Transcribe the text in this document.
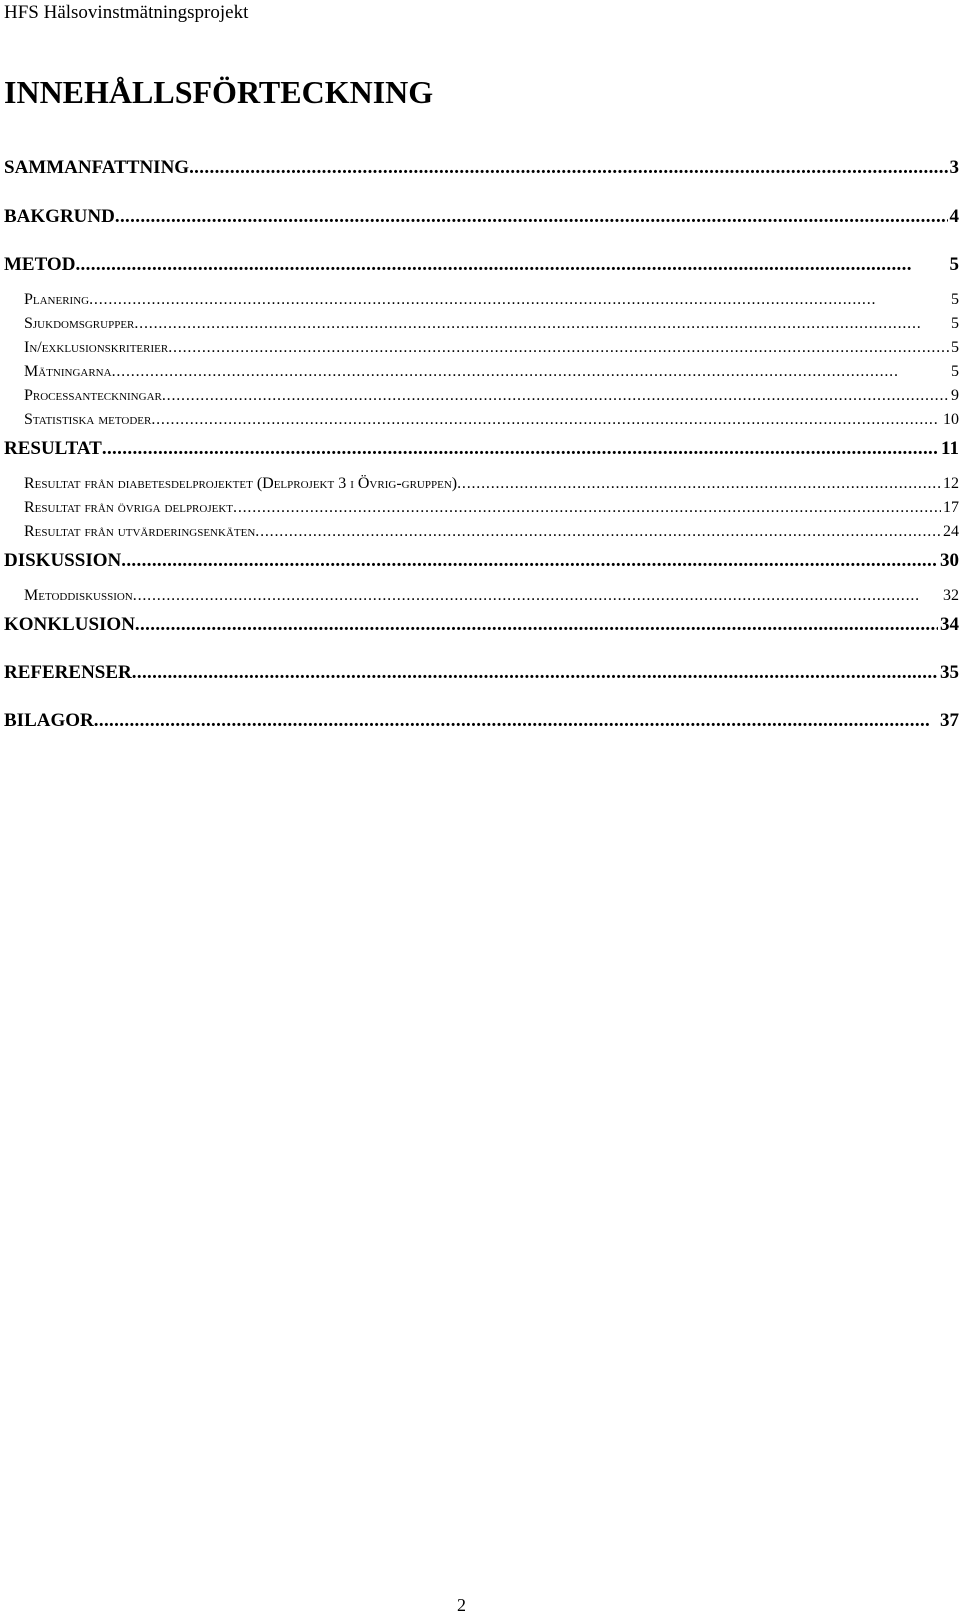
HFS Hälsovinstmätningsprojekt
INNEHÅLLSFÖRTECKNING
SAMMANFATTNING . . .	3
BAKGRUND . . .	4
METOD . . .	5
Planering . . .	5
Sjukdomsgrupper . . .	5
In/exklusionskriterier . . .	5
Mätningarna . . .	5
Processanteckningar . . .	9
Statistiska metoder . . .	10
RESULTAT . . .	11
Resultat från diabetesdelprojektet (Delprojekt 3 i Övrig-gruppen) . . .	12
Resultat från övriga delprojekt . . .	17
Resultat från utvärderingsenkäten . . .	24
DISKUSSION . . .	30
Metoddiskussion . . .	32
KONKLUSION . . .	34
REFERENSER . . .	35
BILAGOR . . .	37
2
